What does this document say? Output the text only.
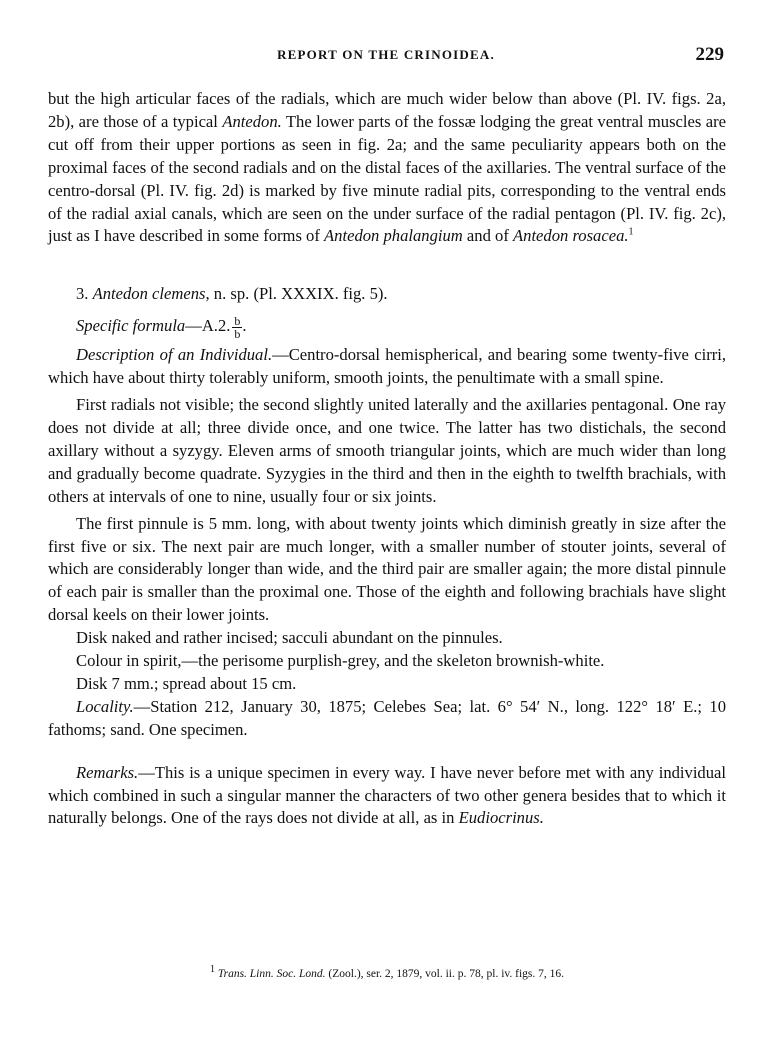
REPORT ON THE CRINOIDEA.	229

but the high articular faces of the radials, which are much wider below than above (Pl. IV. figs. 2a, 2b), are those of a typical Antedon. The lower parts of the fossæ lodging the great ventral muscles are cut off from their upper portions as seen in fig. 2a; and the same peculiarity appears both on the proximal faces of the second radials and on the distal faces of the axillaries. The ventral surface of the centro-dorsal (Pl. IV. fig. 2d) is marked by five minute radial pits, corresponding to the ventral ends of the radial axial canals, which are seen on the under surface of the radial pentagon (Pl. IV. fig. 2c), just as I have described in some forms of Antedon phalangium and of Antedon rosacea.$^1$

3. Antedon clemens, n. sp. (Pl. XXXIX. fig. 5).

Specific formula—A.2. $\frac{b}{b}$ .

Description of an Individual.—Centro-dorsal hemispherical, and bearing some twenty-five cirri, which have about thirty tolerably uniform, smooth joints, the penultimate with a small spine.

First radials not visible; the second slightly united laterally and the axillaries pentagonal. One ray does not divide at all; three divide once, and one twice. The latter has two distichals, the second axillary without a syzygy. Eleven arms of smooth triangular joints, which are much wider than long and gradually become quadrate. Syzygies in the third and then in the eighth to twelfth brachials, with others at intervals of one to nine, usually four or six joints.

The first pinnule is 5 mm. long, with about twenty joints which diminish greatly in size after the first five or six. The next pair are much longer, with a smaller number of stouter joints, several of which are considerably longer than wide, and the third pair are smaller again; the more distal pinnule of each pair is smaller than the proximal one. Those of the eighth and following brachials have slight dorsal keels on their lower joints.

Disk naked and rather incised; sacculi abundant on the pinnules.

Colour in spirit,—the perisome purplish-grey, and the skeleton brownish-white.

Disk 7 mm.; spread about 15 cm.

Locality.—Station 212, January 30, 1875; Celebes Sea; lat. 6° 54′ N., long. 122° 18′ E.; 10 fathoms; sand. One specimen.

Remarks.—This is a unique specimen in every way. I have never before met with any individual which combined in such a singular manner the characters of two other genera besides that to which it naturally belongs. One of the rays does not divide at all, as in Eudiocrinus.

$^1$ Trans. Linn. Soc. Lond. (Zool.), ser. 2, 1879, vol. ii. p. 78, pl. iv. figs. 7, 16.
